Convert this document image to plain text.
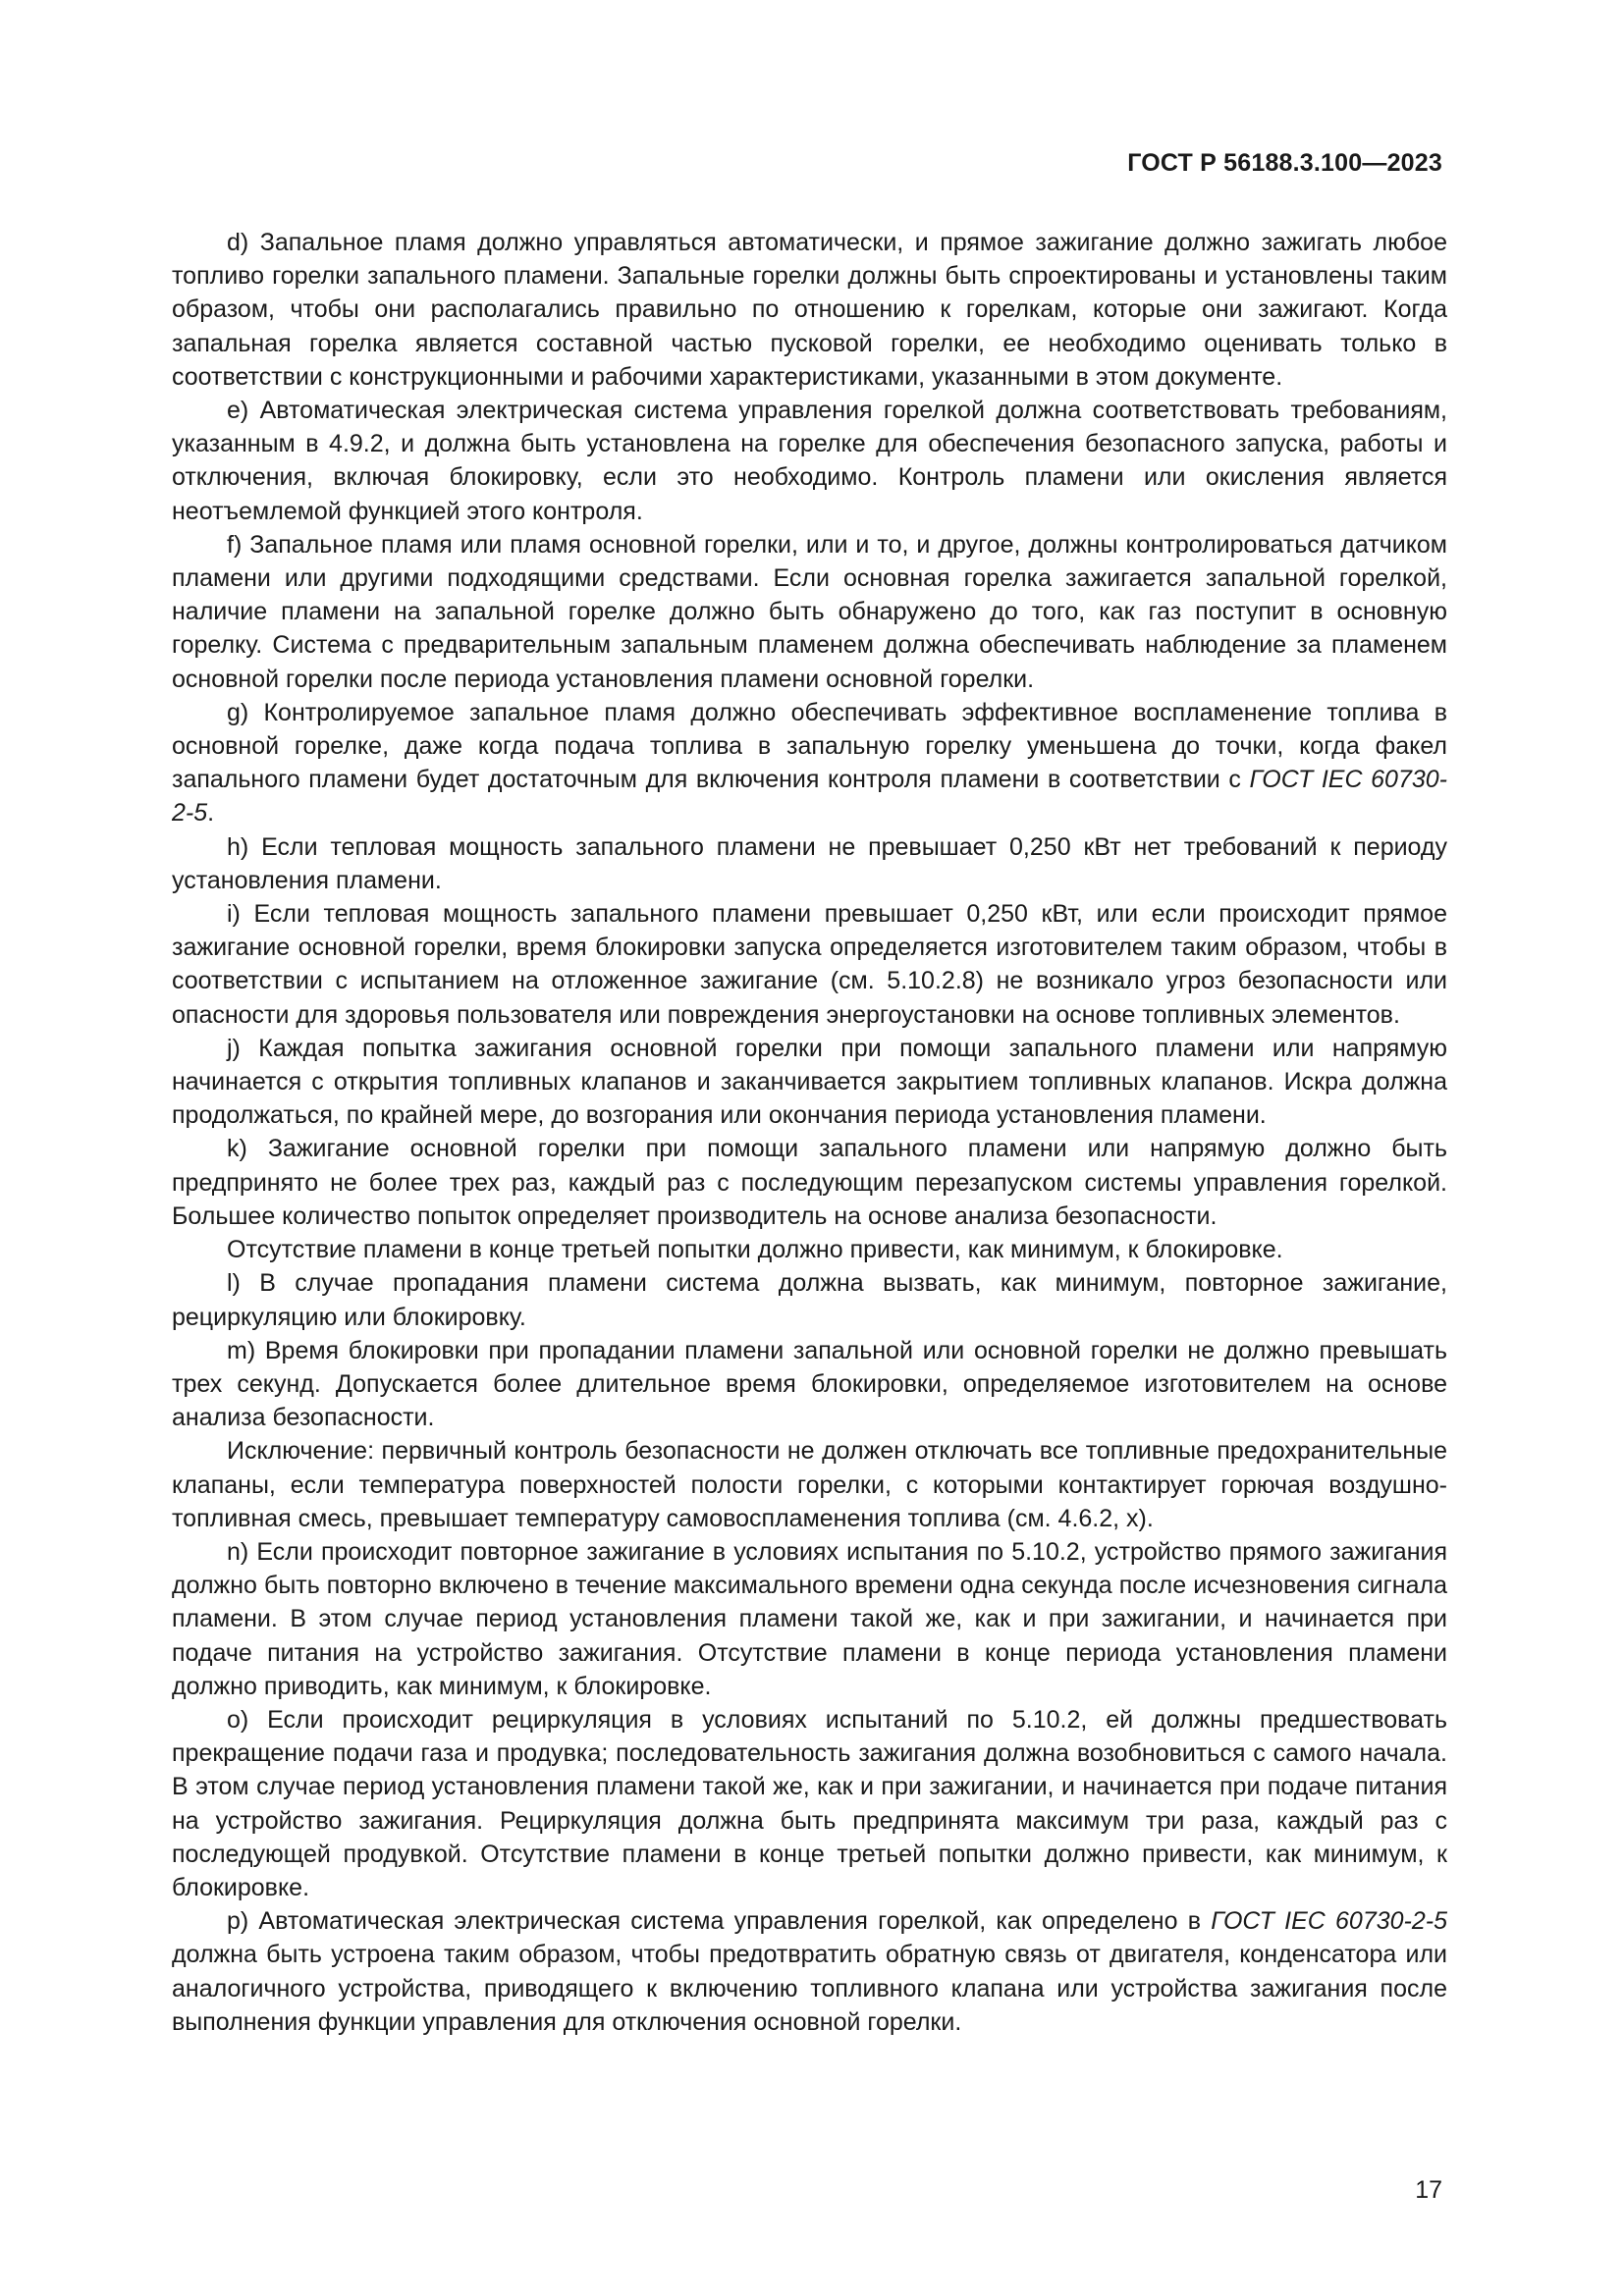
ГОСТ Р 56188.3.100—2023

d) Запальное пламя должно управляться автоматически, и прямое зажигание должно зажигать любое топливо горелки запального пламени. Запальные горелки должны быть спроектированы и установлены таким образом, чтобы они располагались правильно по отношению к горелкам, которые они зажигают. Когда запальная горелка является составной частью пусковой горелки, ее необходимо оценивать только в соответствии с конструкционными и рабочими характеристиками, указанными в этом документе.

e) Автоматическая электрическая система управления горелкой должна соответствовать требованиям, указанным в 4.9.2, и должна быть установлена на горелке для обеспечения безопасного запуска, работы и отключения, включая блокировку, если это необходимо. Контроль пламени или окисления является неотъемлемой функцией этого контроля.

f) Запальное пламя или пламя основной горелки, или и то, и другое, должны контролироваться датчиком пламени или другими подходящими средствами. Если основная горелка зажигается запальной горелкой, наличие пламени на запальной горелке должно быть обнаружено до того, как газ поступит в основную горелку. Система с предварительным запальным пламенем должна обеспечивать наблюдение за пламенем основной горелки после периода установления пламени основной горелки.

g) Контролируемое запальное пламя должно обеспечивать эффективное воспламенение топлива в основной горелке, даже когда подача топлива в запальную горелку уменьшена до точки, когда факел запального пламени будет достаточным для включения контроля пламени в соответствии с ГОСТ IEC 60730-2-5.

h) Если тепловая мощность запального пламени не превышает 0,250 кВт нет требований к периоду установления пламени.

i) Если тепловая мощность запального пламени превышает 0,250 кВт, или если происходит прямое зажигание основной горелки, время блокировки запуска определяется изготовителем таким образом, чтобы в соответствии с испытанием на отложенное зажигание (см. 5.10.2.8) не возникало угроз безопасности или опасности для здоровья пользователя или повреждения энергоустановки на основе топливных элементов.

j) Каждая попытка зажигания основной горелки при помощи запального пламени или напрямую начинается с открытия топливных клапанов и заканчивается закрытием топливных клапанов. Искра должна продолжаться, по крайней мере, до возгорания или окончания периода установления пламени.

k) Зажигание основной горелки при помощи запального пламени или напрямую должно быть предпринято не более трех раз, каждый раз с последующим перезапуском системы управления горелкой. Большее количество попыток определяет производитель на основе анализа безопасности.

Отсутствие пламени в конце третьей попытки должно привести, как минимум, к блокировке.

l) В случае пропадания пламени система должна вызвать, как минимум, повторное зажигание, рециркуляцию или блокировку.

m) Время блокировки при пропадании пламени запальной или основной горелки не должно превышать трех секунд. Допускается более длительное время блокировки, определяемое изготовителем на основе анализа безопасности.

Исключение: первичный контроль безопасности не должен отключать все топливные предохранительные клапаны, если температура поверхностей полости горелки, с которыми контактирует горючая воздушно-топливная смесь, превышает температуру самовоспламенения топлива (см. 4.6.2, x).

n) Если происходит повторное зажигание в условиях испытания по 5.10.2, устройство прямого зажигания должно быть повторно включено в течение максимального времени одна секунда после исчезновения сигнала пламени. В этом случае период установления пламени такой же, как и при зажигании, и начинается при подаче питания на устройство зажигания. Отсутствие пламени в конце периода установления пламени должно приводить, как минимум, к блокировке.

o) Если происходит рециркуляция в условиях испытаний по 5.10.2, ей должны предшествовать прекращение подачи газа и продувка; последовательность зажигания должна возобновиться с самого начала. В этом случае период установления пламени такой же, как и при зажигании, и начинается при подаче питания на устройство зажигания. Рециркуляция должна быть предпринята максимум три раза, каждый раз с последующей продувкой. Отсутствие пламени в конце третьей попытки должно привести, как минимум, к блокировке.

p) Автоматическая электрическая система управления горелкой, как определено в ГОСТ IEC 60730-2-5 должна быть устроена таким образом, чтобы предотвратить обратную связь от двигателя, конденсатора или аналогичного устройства, приводящего к включению топливного клапана или устройства зажигания после выполнения функции управления для отключения основной горелки.

17
